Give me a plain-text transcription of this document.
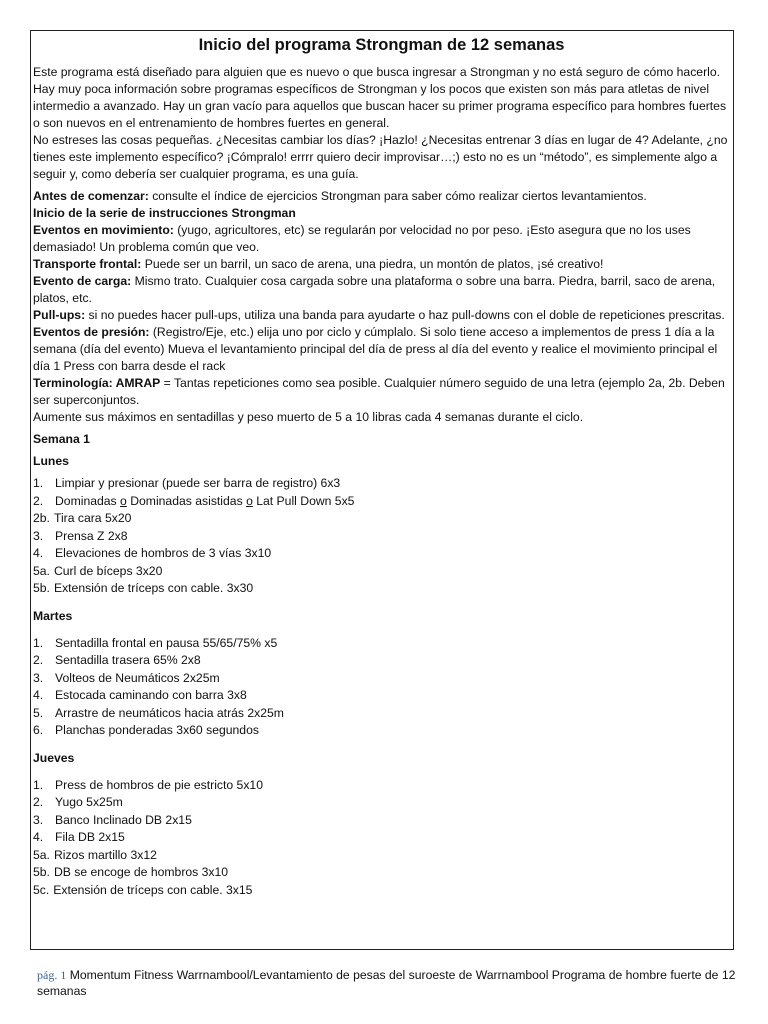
Inicio del programa Strongman de 12 semanas

Este programa está diseñado para alguien que es nuevo o que busca ingresar a Strongman y no está seguro de cómo hacerlo. Hay muy poca información sobre programas específicos de Strongman y los pocos que existen son más para atletas de nivel intermedio a avanzado. Hay un gran vacío para aquellos que buscan hacer su primer programa específico para hombres fuertes o son nuevos en el entrenamiento de hombres fuertes en general.

No estreses las cosas pequeñas. ¿Necesitas cambiar los días? ¡Hazlo! ¿Necesitas entrenar 3 días en lugar de 4? Adelante, ¿no tienes este implemento específico? ¡Cómpralo! errrr quiero decir improvisar…;) esto no es un “método”, es simplemente algo a seguir y, como debería ser cualquier programa, es una guía.

Antes de comenzar: consulte el índice de ejercicios Strongman para saber cómo realizar ciertos levantamientos.

Inicio de la serie de instrucciones Strongman

Eventos en movimiento: (yugo, agricultores, etc) se regularán por velocidad no por peso. ¡Esto asegura que no los uses demasiado! Un problema común que veo.

Transporte frontal: Puede ser un barril, un saco de arena, una piedra, un montón de platos, ¡sé creativo!

Evento de carga: Mismo trato. Cualquier cosa cargada sobre una plataforma o sobre una barra. Piedra, barril, saco de arena, platos, etc.

Pull-ups: si no puedes hacer pull-ups, utiliza una banda para ayudarte o haz pull-downs con el doble de repeticiones prescritas.

Eventos de presión: (Registro/Eje, etc.) elija uno por ciclo y cúmplalo. Si solo tiene acceso a implementos de press 1 día a la semana (día del evento) Mueva el levantamiento principal del día de press al día del evento y realice el movimiento principal el día 1 Press con barra desde el rack

Terminología: AMRAP = Tantas repeticiones como sea posible. Cualquier número seguido de una letra (ejemplo 2a, 2b. Deben ser superconjuntos.

Aumente sus máximos en sentadillas y peso muerto de 5 a 10 libras cada 4 semanas durante el ciclo.

Semana 1

Lunes

1. Limpiar y presionar (puede ser barra de registro) 6x3
2. Dominadas o Dominadas asistidas o Lat Pull Down 5x5
2b. Tira cara 5x20
3. Prensa Z 2x8
4. Elevaciones de hombros de 3 vías 3x10
5a. Curl de bíceps 3x20
5b. Extensión de tríceps con cable. 3x30

Martes

1. Sentadilla frontal en pausa 55/65/75% x5
2. Sentadilla trasera 65% 2x8
3. Volteos de Neumáticos 2x25m
4. Estocada caminando con barra 3x8
5. Arrastre de neumáticos hacia atrás 2x25m
6. Planchas ponderadas 3x60 segundos

Jueves

1. Press de hombros de pie estricto 5x10
2. Yugo 5x25m
3. Banco Inclinado DB 2x15
4. Fila DB 2x15
5a. Rizos martillo 3x12
5b. DB se encoge de hombros 3x10
5c. Extensión de tríceps con cable. 3x15
pág. 1 Momentum Fitness Warrnambool/Levantamiento de pesas del suroeste de Warrnambool Programa de hombre fuerte de 12 semanas
